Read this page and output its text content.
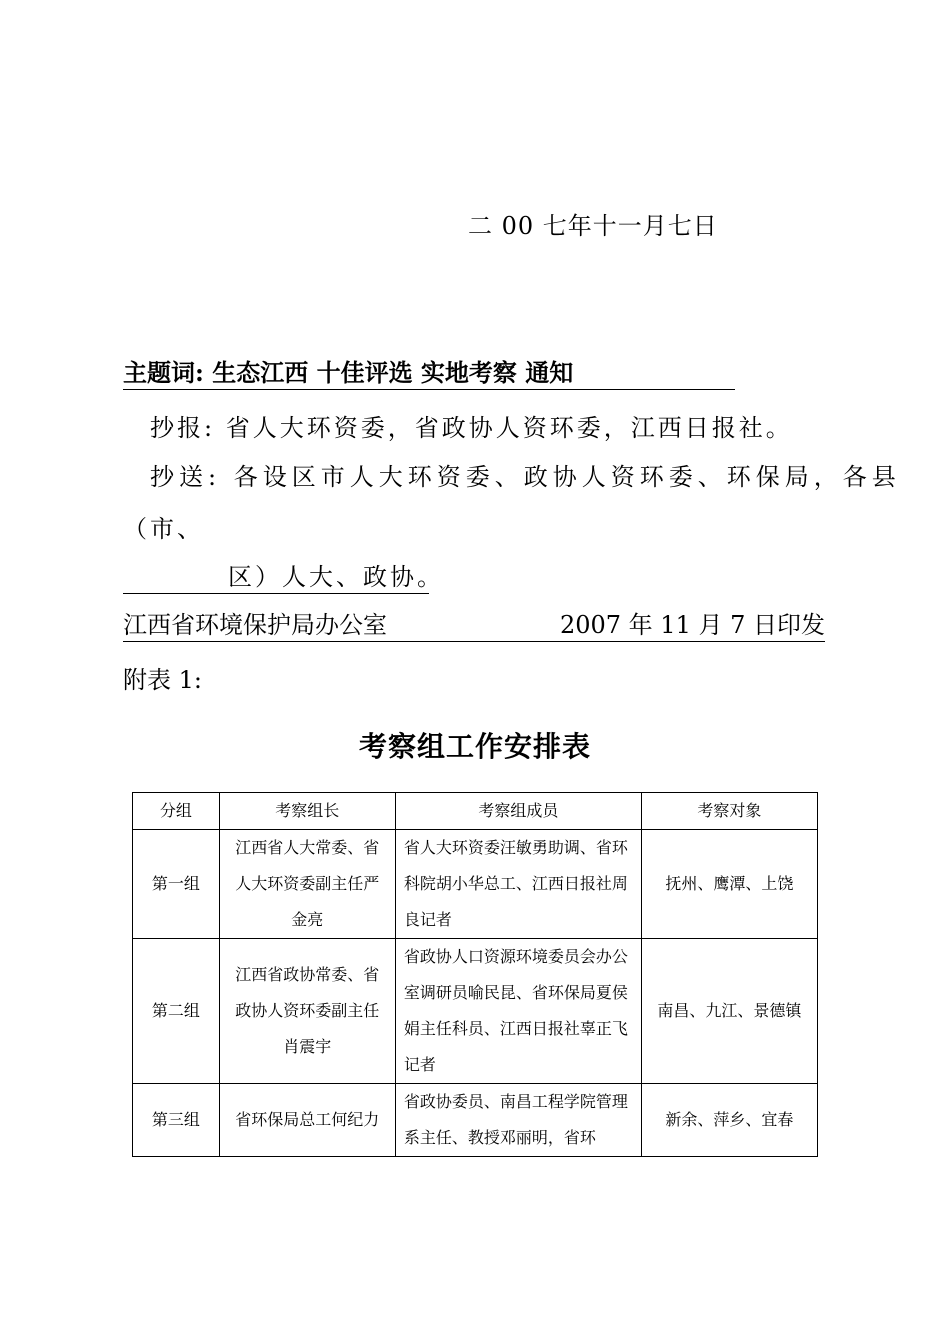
二 00 七年十一月七日
主题词: 生态江西 十佳评选 实地考察 通知
抄报: 省人大环资委，省政协人资环委，江西日报社。
抄送: 各设区市人大环资委、政协人资环委、环保局，各县
（市、
区）人大、政协。
江西省环境保护局办公室	2007 年 11 月 7 日印发
附表 1:
考察组工作安排表
分组	考察组长	考察组成员	考察对象
第一组	江西省人大常委、省人大环资委副主任严金亮	省人大环资委汪敏勇助调、省环科院胡小华总工、江西日报社周良记者	抚州、鹰潭、上饶
第二组	江西省政协常委、省政协人资环委副主任肖震宇	省政协人口资源环境委员会办公室调研员喻民昆、省环保局夏侯娟主任科员、江西日报社辜正飞记者	南昌、九江、景德镇
第三组	省环保局总工何纪力	省政协委员、南昌工程学院管理系主任、教授邓丽明，省环	新余、萍乡、宜春
